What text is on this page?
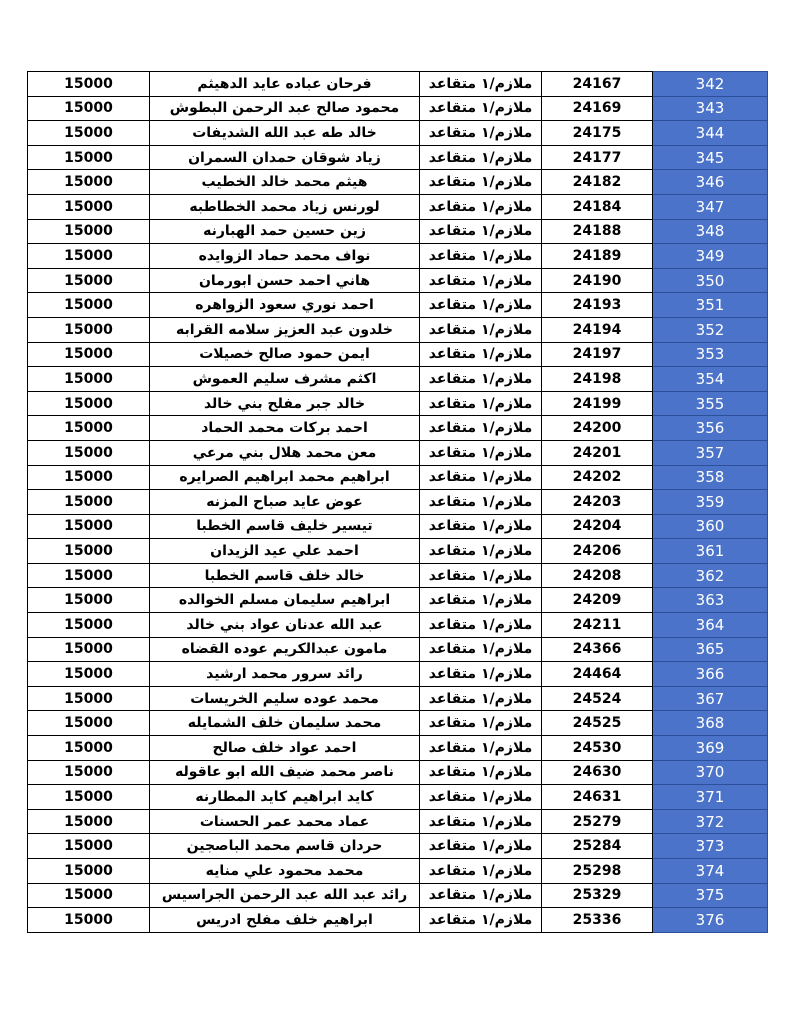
15000	فرحان عباده عايد الدهيثم	ملازم/١ متقاعد	24167	342
15000	محمود صالح عبد الرحمن البطوش	ملازم/١ متقاعد	24169	343
15000	خالد طه عبد الله الشديفات	ملازم/١ متقاعد	24175	344
15000	زياد شوقان حمدان السمران	ملازم/١ متقاعد	24177	345
15000	هيثم محمد خالد الخطيب	ملازم/١ متقاعد	24182	346
15000	لورنس زياد محمد الخطاطبه	ملازم/١ متقاعد	24184	347
15000	زين حسين حمد الهبارنه	ملازم/١ متقاعد	24188	348
15000	نواف محمد حماد الزوايده	ملازم/١ متقاعد	24189	349
15000	هاني احمد حسن ابورمان	ملازم/١ متقاعد	24190	350
15000	احمد نوري سعود الزواهره	ملازم/١ متقاعد	24193	351
15000	خلدون عبد العزيز سلامه القرابه	ملازم/١ متقاعد	24194	352
15000	ايمن حمود صالح خصيلات	ملازم/١ متقاعد	24197	353
15000	اكثم مشرف سليم العموش	ملازم/١ متقاعد	24198	354
15000	خالد جبر مفلح بني خالد	ملازم/١ متقاعد	24199	355
15000	احمد بركات محمد الحماد	ملازم/١ متقاعد	24200	356
15000	معن محمد هلال بني مرعي	ملازم/١ متقاعد	24201	357
15000	ابراهيم محمد ابراهيم الصرايره	ملازم/١ متقاعد	24202	358
15000	عوض عايد صباح المزنه	ملازم/١ متقاعد	24203	359
15000	تيسير خليف قاسم الخطبا	ملازم/١ متقاعد	24204	360
15000	احمد علي عيد الزيدان	ملازم/١ متقاعد	24206	361
15000	خالد خلف قاسم الخطبا	ملازم/١ متقاعد	24208	362
15000	ابراهيم سليمان مسلم الخوالده	ملازم/١ متقاعد	24209	363
15000	عبد الله عدنان عواد بني خالد	ملازم/١ متقاعد	24211	364
15000	مامون عبدالكريم عوده القضاه	ملازم/١ متقاعد	24366	365
15000	رائد سرور محمد ارشيد	ملازم/١ متقاعد	24464	366
15000	محمد عوده سليم الخريسات	ملازم/١ متقاعد	24524	367
15000	محمد سليمان خلف الشمايله	ملازم/١ متقاعد	24525	368
15000	احمد عواد خلف صالح	ملازم/١ متقاعد	24530	369
15000	ناصر محمد ضيف الله ابو عاقوله	ملازم/١ متقاعد	24630	370
15000	كايد ابراهيم كايد المطارنه	ملازم/١ متقاعد	24631	371
15000	عماد محمد عمر الحسنات	ملازم/١ متقاعد	25279	372
15000	حردان قاسم محمد الباصجين	ملازم/١ متقاعد	25284	373
15000	محمد محمود علي منايه	ملازم/١ متقاعد	25298	374
15000	رائد عبد الله عبد الرحمن الجراسيس	ملازم/١ متقاعد	25329	375
15000	ابراهيم خلف مفلح ادريس	ملازم/١ متقاعد	25336	376
